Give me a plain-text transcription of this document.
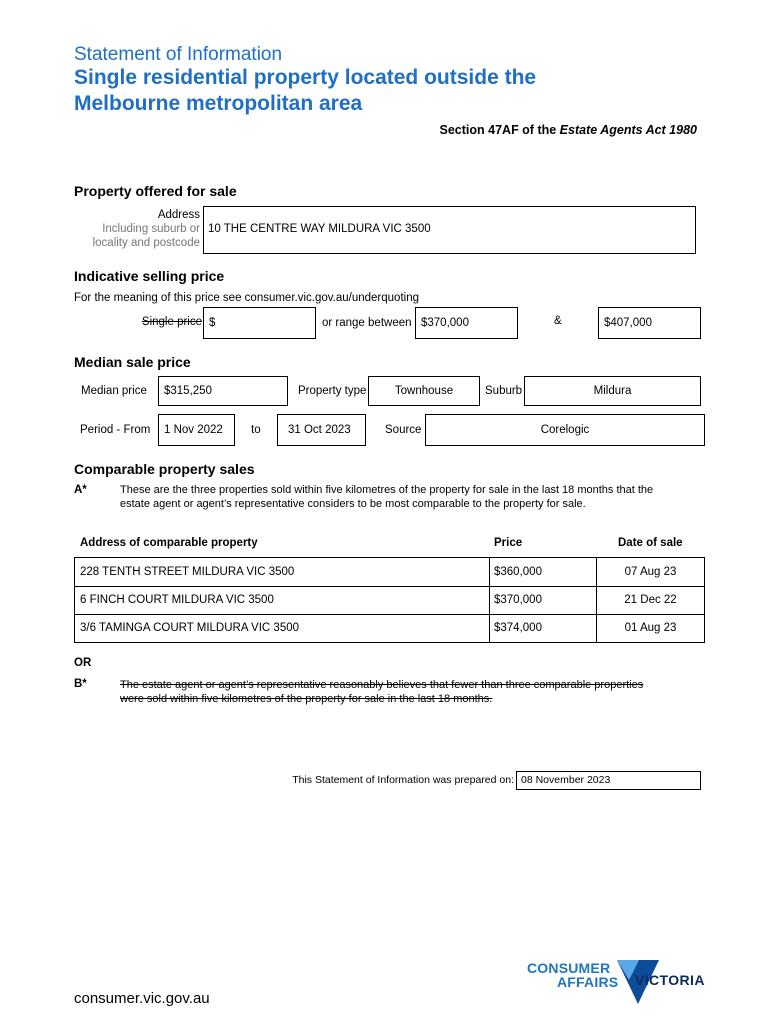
Statement of Information
Single residential property located outside the
Melbourne metropolitan area
Section 47AF of the Estate Agents Act 1980
Property offered for sale
Address
Including suburb or
locality and postcode
10 THE CENTRE WAY MILDURA VIC 3500
Indicative selling price
For the meaning of this price see consumer.vic.gov.au/underquoting
Single price $	or range between $370,000	&	$407,000
Median sale price
Median price $315,250	Property type	Townhouse	Suburb	Mildura
Period - From 1 Nov 2022 to 31 Oct 2023	Source	Corelogic
Comparable property sales
A*	These are the three properties sold within five kilometres of the property for sale in the last 18 months that the
estate agent or agent’s representative considers to be most comparable to the property for sale.
Address of comparable property	Price	Date of sale
228 TENTH STREET MILDURA VIC 3500	$360,000	07 Aug 23
6 FINCH COURT MILDURA VIC 3500	$370,000	21 Dec 22
3/6 TAMINGA COURT MILDURA VIC 3500	$374,000	01 Aug 23
OR
B*	The estate agent or agent’s representative reasonably believes that fewer than three comparable properties
were sold within five kilometres of the property for sale in the last 18 months.
This Statement of Information was prepared on: 08 November 2023
consumer.vic.gov.au
CONSUMER
AFFAIRS VICTORIA
